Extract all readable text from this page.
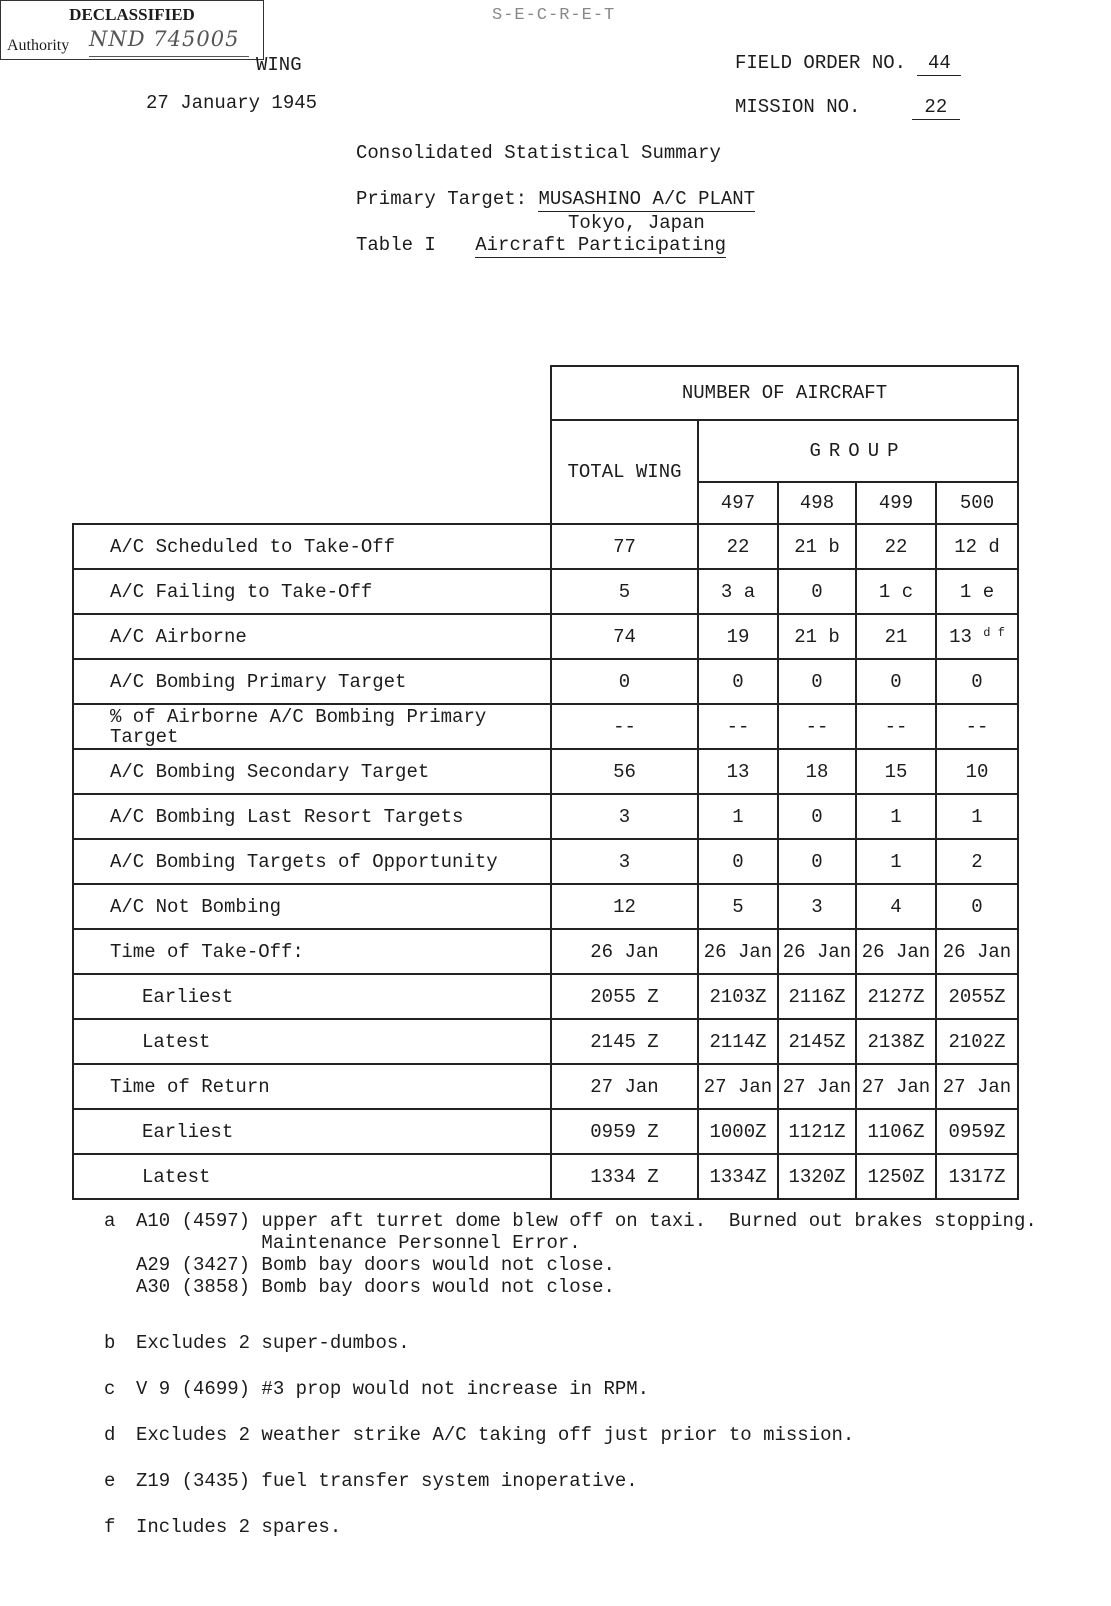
DECLASSIFIED
Authority NND 745005
S-E-C-R-E-T
WING
27 January 1945
FIELD ORDER NO. 44
MISSION NO.	22
Consolidated Statistical Summary
Primary Target: MUSASHINO A/C PLANT
Tokyo, Japan
Table I Aircraft Participating
	NUMBER OF AIRCRAFT				
	TOTAL WING	GROUP			
		497	498	499	500
A/C Scheduled to Take-Off	77	22	21 b	22	12 d
A/C Failing to Take-Off	5	3 a	0	1 c	1 e
A/C Airborne	74	19	21 b	21	13 $^{d f}$
A/C Bombing Primary Target	0	0	0	0	0
% of Airborne A/C Bombing Primary Target	--	--	--	--	--
A/C Bombing Secondary Target	56	13	18	15	10
A/C Bombing Last Resort Targets	3	1	0	1	1
A/C Bombing Targets of Opportunity	3	0	0	1	2
A/C Not Bombing	12	5	3	4	0
Time of Take-Off:	26 Jan	26 Jan	26 Jan	26 Jan	26 Jan
Earliest	2055 Z	2103Z	2116Z	2127Z	2055Z
Latest	2145 Z	2114Z	2145Z	2138Z	2102Z
Time of Return	27 Jan	27 Jan	27 Jan	27 Jan	27 Jan
Earliest	0959 Z	1000Z	1121Z	1106Z	0959Z
Latest	1334 Z	1334Z	1320Z	1250Z	1317Z
a A10 (4597) upper aft turret dome blew off on taxi.  Burned out brakes stopping.
Maintenance Personnel Error.
A29 (3427) Bomb bay doors would not close.
A30 (3858) Bomb bay doors would not close.
b Excludes 2 super-dumbos.
c V 9 (4699) #3 prop would not increase in RPM.
d Excludes 2 weather strike A/C taking off just prior to mission.
e Z19 (3435) fuel transfer system inoperative.
f Includes 2 spares.
